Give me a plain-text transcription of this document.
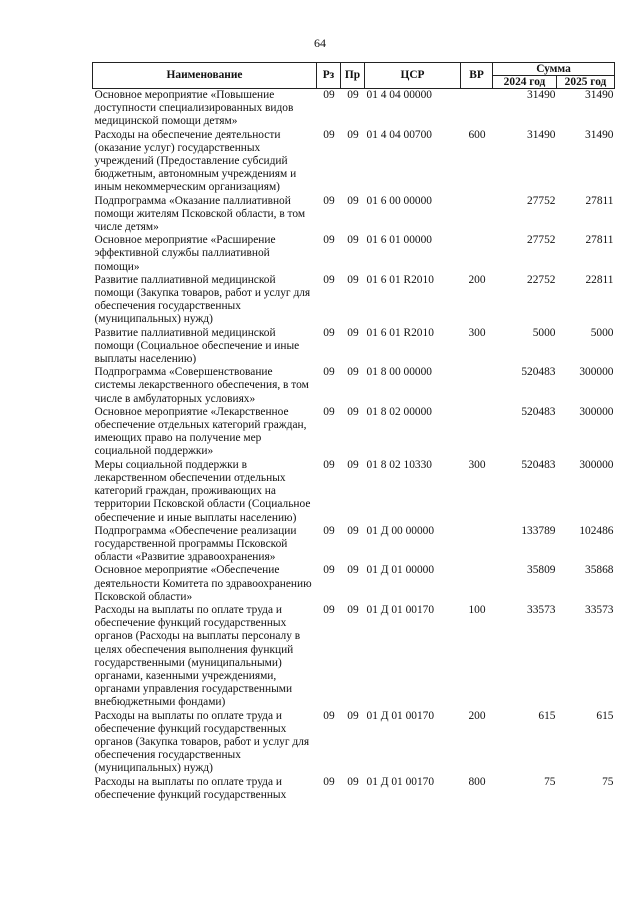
64
Наименование	Рз	Пр	ЦСР	ВР	Сумма	
					2024 год	2025 год
Основное мероприятие «Повышение доступности специализированных видов медицинской помощи детям»	09	09	01 4 04 00000		31490	31490
Расходы на обеспечение деятельности (оказание услуг) государственных учреждений (Предоставление субсидий бюджетным, автономным учреждениям и иным некоммерческим организациям)	09	09	01 4 04 00700	600	31490	31490
Подпрограмма «Оказание паллиативной помощи жителям Псковской области, в том числе детям»	09	09	01 6 00 00000		27752	27811
Основное мероприятие «Расширение эффективной службы паллиативной помощи»	09	09	01 6 01 00000		27752	27811
Развитие паллиативной медицинской помощи (Закупка товаров, работ и услуг для обеспечения государственных (муниципальных) нужд)	09	09	01 6 01 R2010	200	22752	22811
Развитие паллиативной медицинской помощи (Социальное обеспечение и иные выплаты населению)	09	09	01 6 01 R2010	300	5000	5000
Подпрограмма «Совершенствование системы лекарственного обеспечения, в том числе в амбулаторных условиях»	09	09	01 8 00 00000		520483	300000
Основное мероприятие «Лекарственное обеспечение отдельных категорий граждан, имеющих право на получение мер социальной поддержки»	09	09	01 8 02 00000		520483	300000
Меры социальной поддержки в лекарственном обеспечении отдельных категорий граждан, проживающих на территории Псковской области (Социальное обеспечение и иные выплаты населению)	09	09	01 8 02 10330	300	520483	300000
Подпрограмма «Обеспечение реализации государственной программы Псковской области «Развитие здравоохранения»	09	09	01 Д 00 00000		133789	102486
Основное мероприятие «Обеспечение деятельности Комитета по здравоохранению Псковской области»	09	09	01 Д 01 00000		35809	35868
Расходы на выплаты по оплате труда и обеспечение функций государственных органов (Расходы на выплаты персоналу в целях обеспечения выполнения функций государственными (муниципальными) органами, казенными учреждениями, органами управления государственными внебюджетными фондами)	09	09	01 Д 01 00170	100	33573	33573
Расходы на выплаты по оплате труда и обеспечение функций государственных органов (Закупка товаров, работ и услуг для обеспечения государственных (муниципальных) нужд)	09	09	01 Д 01 00170	200	615	615
Расходы на выплаты по оплате труда и обеспечение функций государственных	09	09	01 Д 01 00170	800	75	75
